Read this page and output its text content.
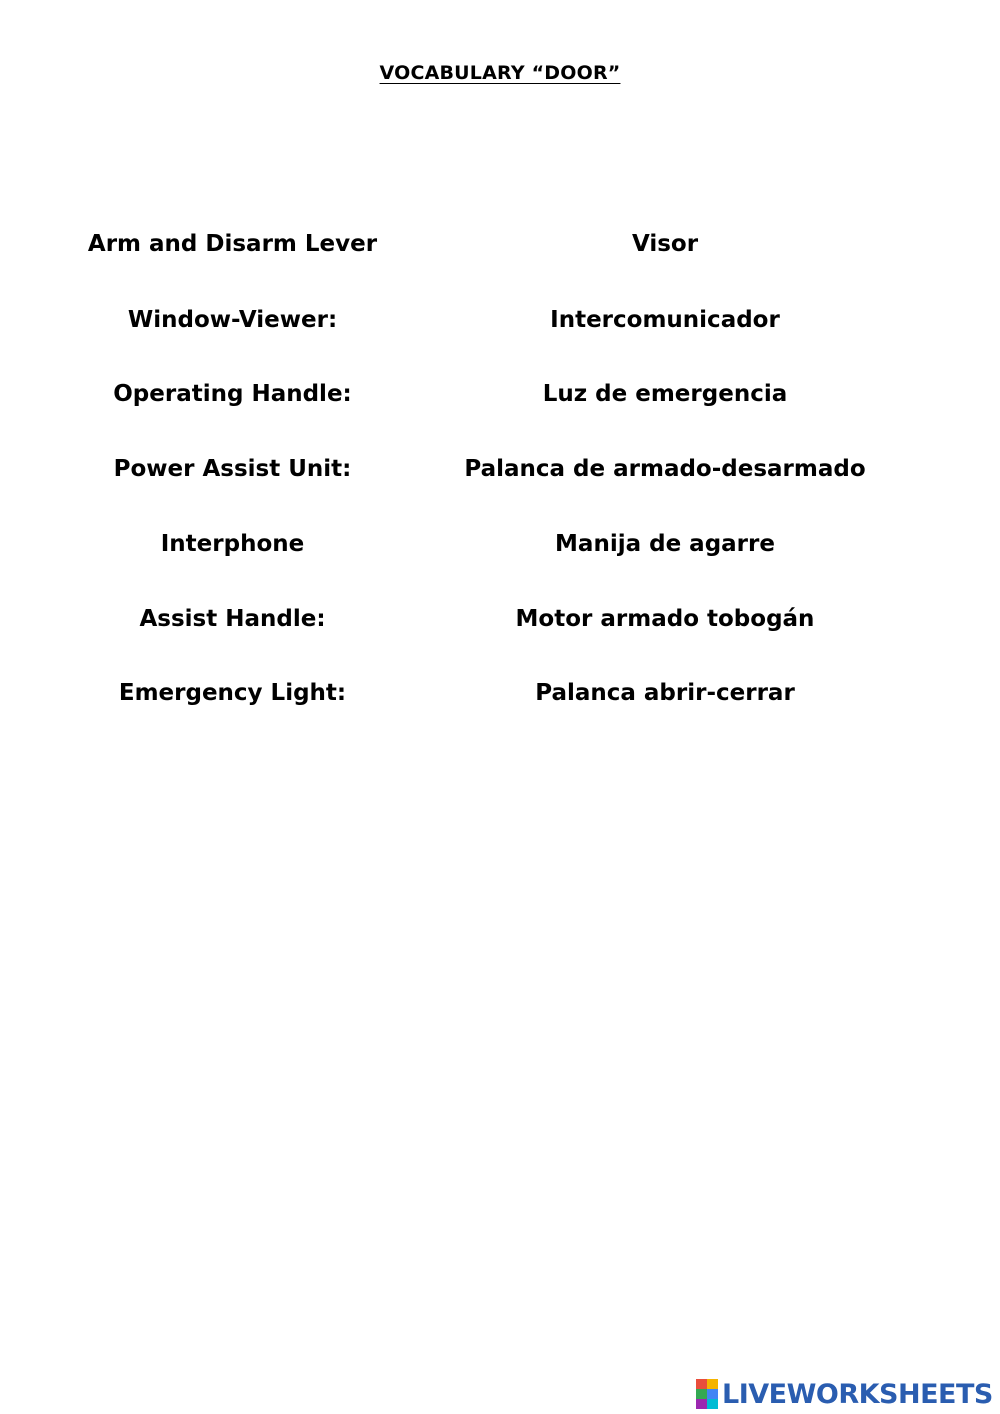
VOCABULARY “DOOR”
Arm and Disarm Lever	Visor
Window-Viewer:	Intercomunicador
Operating Handle:	Luz de emergencia
Power Assist Unit:	Palanca de armado-desarmado
Interphone	Manija de agarre
Assist Handle:	Motor armado tobogán
Emergency Light:	Palanca abrir-cerrar
LIVEWORKSHEETS
